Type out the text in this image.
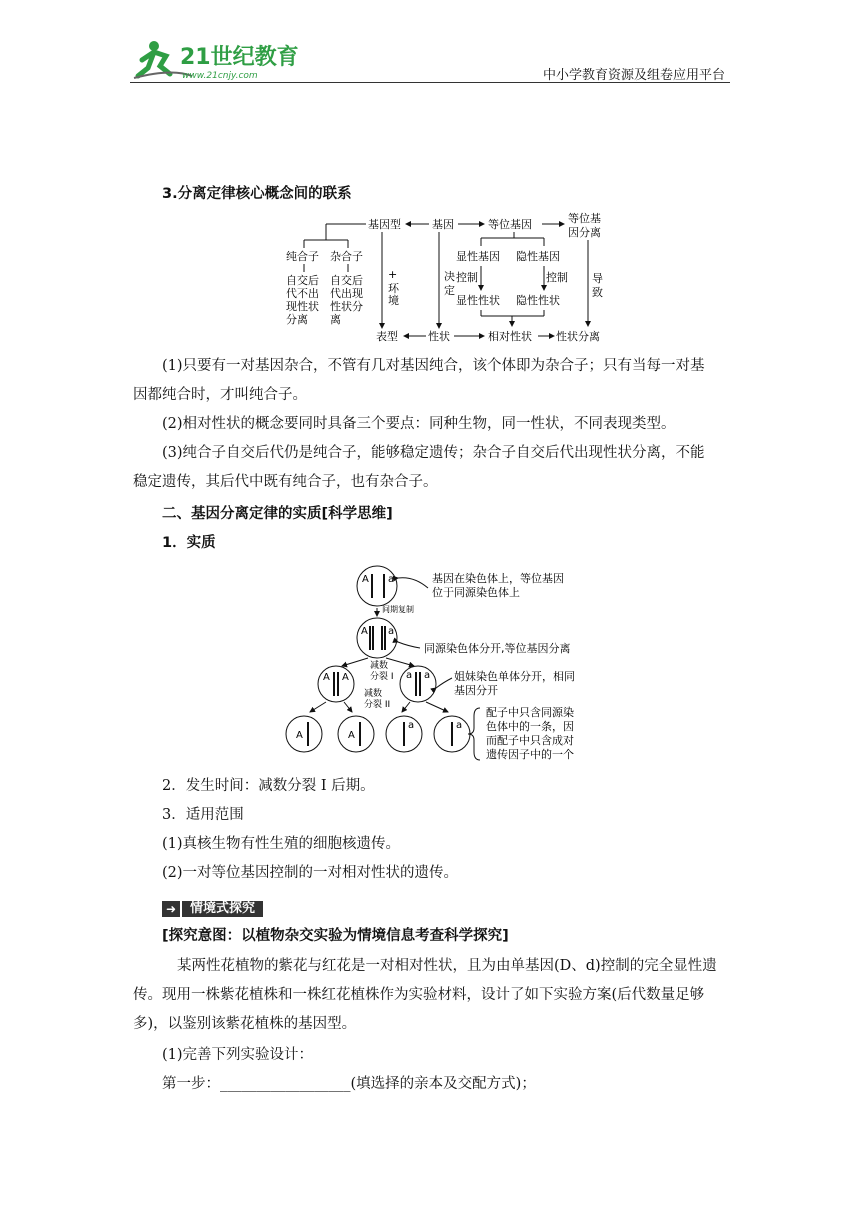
21世纪教育
www.21cnjy.com	中小学教育资源及组卷应用平台
3.分离定律核心概念间的联系
基因型	基因	等位基因	等位基
因分离
纯合子 杂合子
自交后
代不出
现性状
分离
自交后
代出现
性状分
离
+
环
境
决
定
显性基因 隐性基因
控制	控制
显性性状 隐性性状
导
致
表型	性状	相对性状 性状分离
(1)只要有一对基因杂合，不管有几对基因纯合，该个体即为杂合子；只有当每一对基
因都纯合时，才叫纯合子。
(2)相对性状的概念要同时具备三个要点：同种生物，同一性状，不同表现类型。
(3)纯合子自交后代仍是纯合子，能够稳定遗传；杂合子自交后代出现性状分离，不能
稳定遗传，其后代中既有纯合子，也有杂合子。
二、基因分离定律的实质[科学思维]
1．实质
A a	基因在染色体上，等位基因
位于同源染色体上
间期复制
A a
同源染色体分开,等位基因分离
减数
分裂 I
A A	a a 姐妹染色单体分开，相同
基因分开
减数
分裂 II
A	A
a	a
配子中只含同源染
色体中的一条，因
而配子中只含成对
遗传因子中的一个
2．发生时间：减数分裂 I 后期。
3．适用范围
(1)真核生物有性生殖的细胞核遗传。
(2)一对等位基因控制的一对相对性状的遗传。
➜	情境式探究
[探究意图：以植物杂交实验为情境信息考查科学探究]
某两性花植物的紫花与红花是一对相对性状，且为由单基因(D、d)控制的完全显性遗
传。现用一株紫花植株和一株红花植株作为实验材料，设计了如下实验方案(后代数量足够
多)，以鉴别该紫花植株的基因型。
(1)完善下列实验设计：
第一步：__________________(填选择的亲本及交配方式)；
